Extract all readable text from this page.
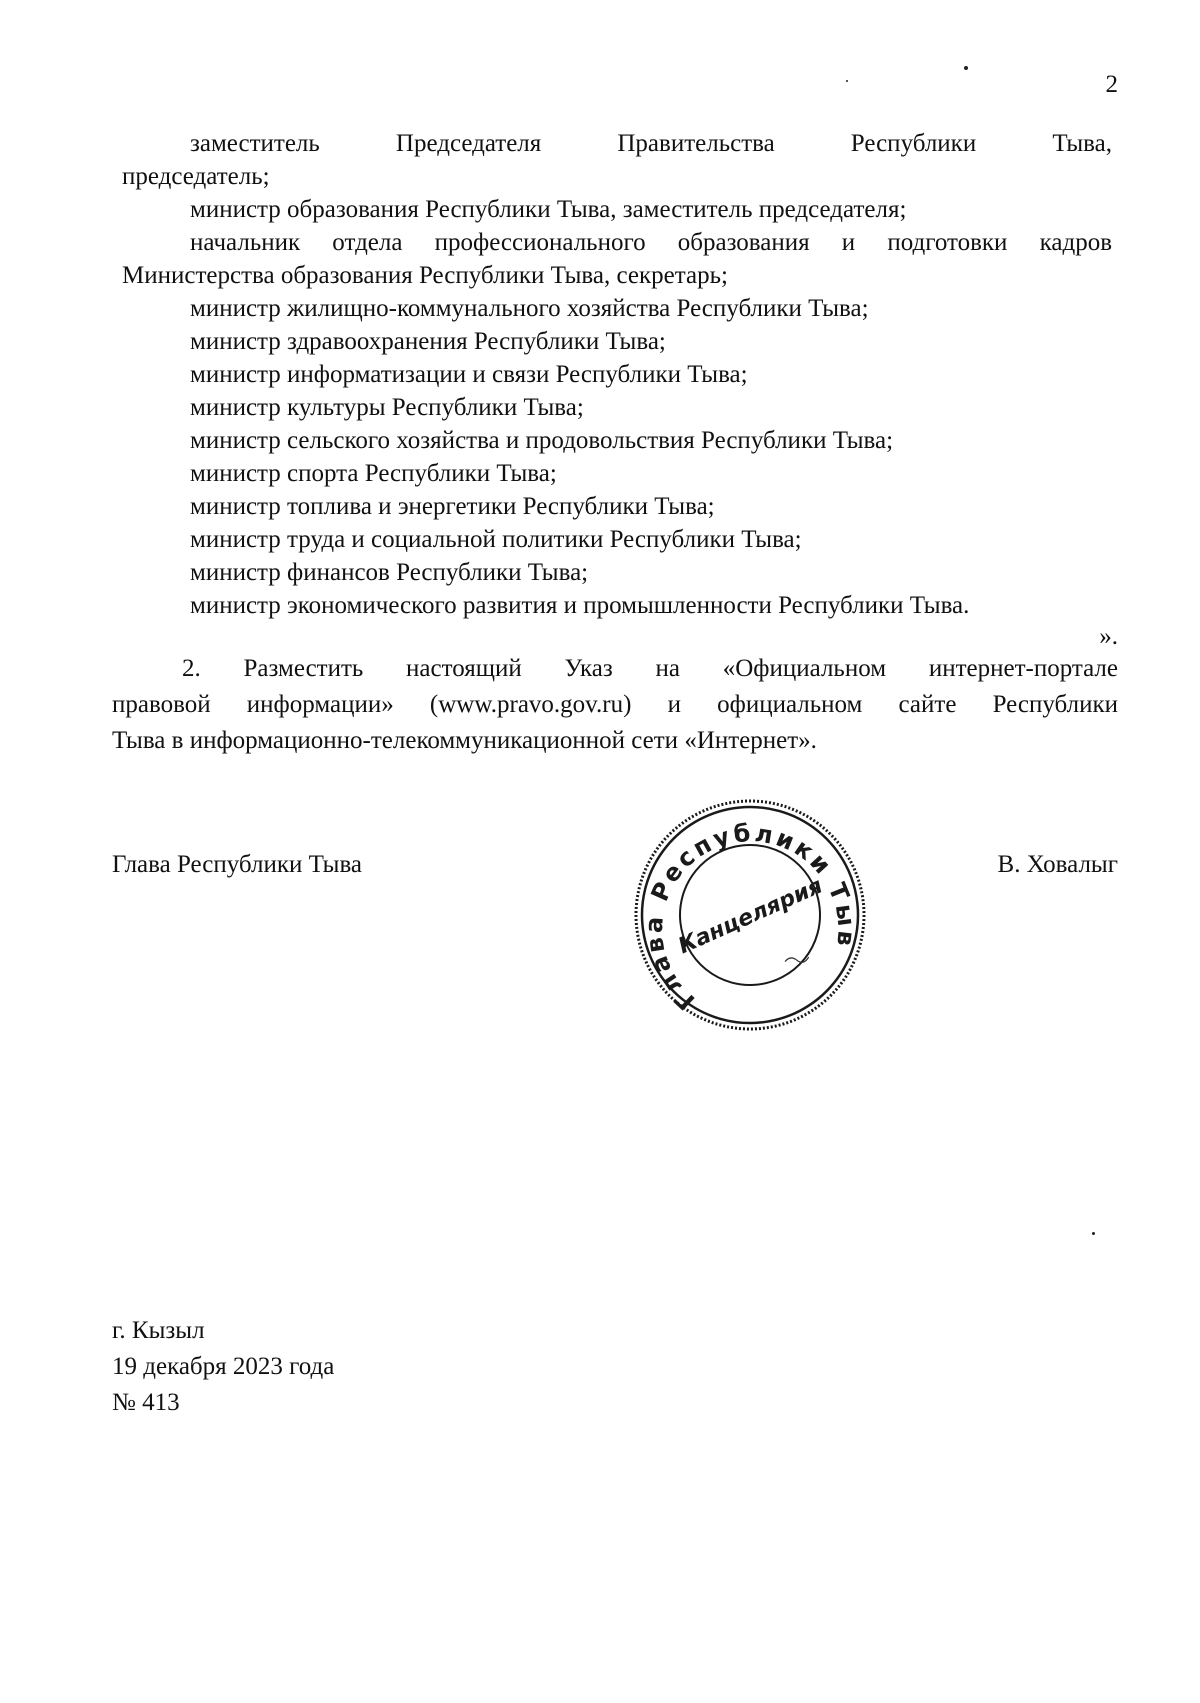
2
заместитель	Председателя	Правительства	Республики	Тыва,
председатель;
министр образования Республики Тыва, заместитель председателя;
начальник отдела профессионального образования и подготовки кадров
Министерства образования Республики Тыва, секретарь;
министр жилищно-коммунального хозяйства Республики Тыва;
министр здравоохранения Республики Тыва;
министр информатизации и связи Республики Тыва;
министр культуры Республики Тыва;
министр сельского хозяйства и продовольствия Республики Тыва;
министр спорта Республики Тыва;
министр топлива и энергетики Республики Тыва;
министр труда и социальной политики Республики Тыва;
министр финансов Республики Тыва;
министр экономического развития и промышленности Республики Тыва.
».
2. Разместить настоящий Указ на «Официальном интернет-портале
правовой информации» (www.pravo.gov.ru) и официальном сайте Республики
Тыва в информационно-телекоммуникационной сети «Интернет».
Глава Республики Тыва	В. Ховалыг
Глава Республики Тыва
Канцелярия
г. Кызыл
19 декабря 2023 года
№ 413
